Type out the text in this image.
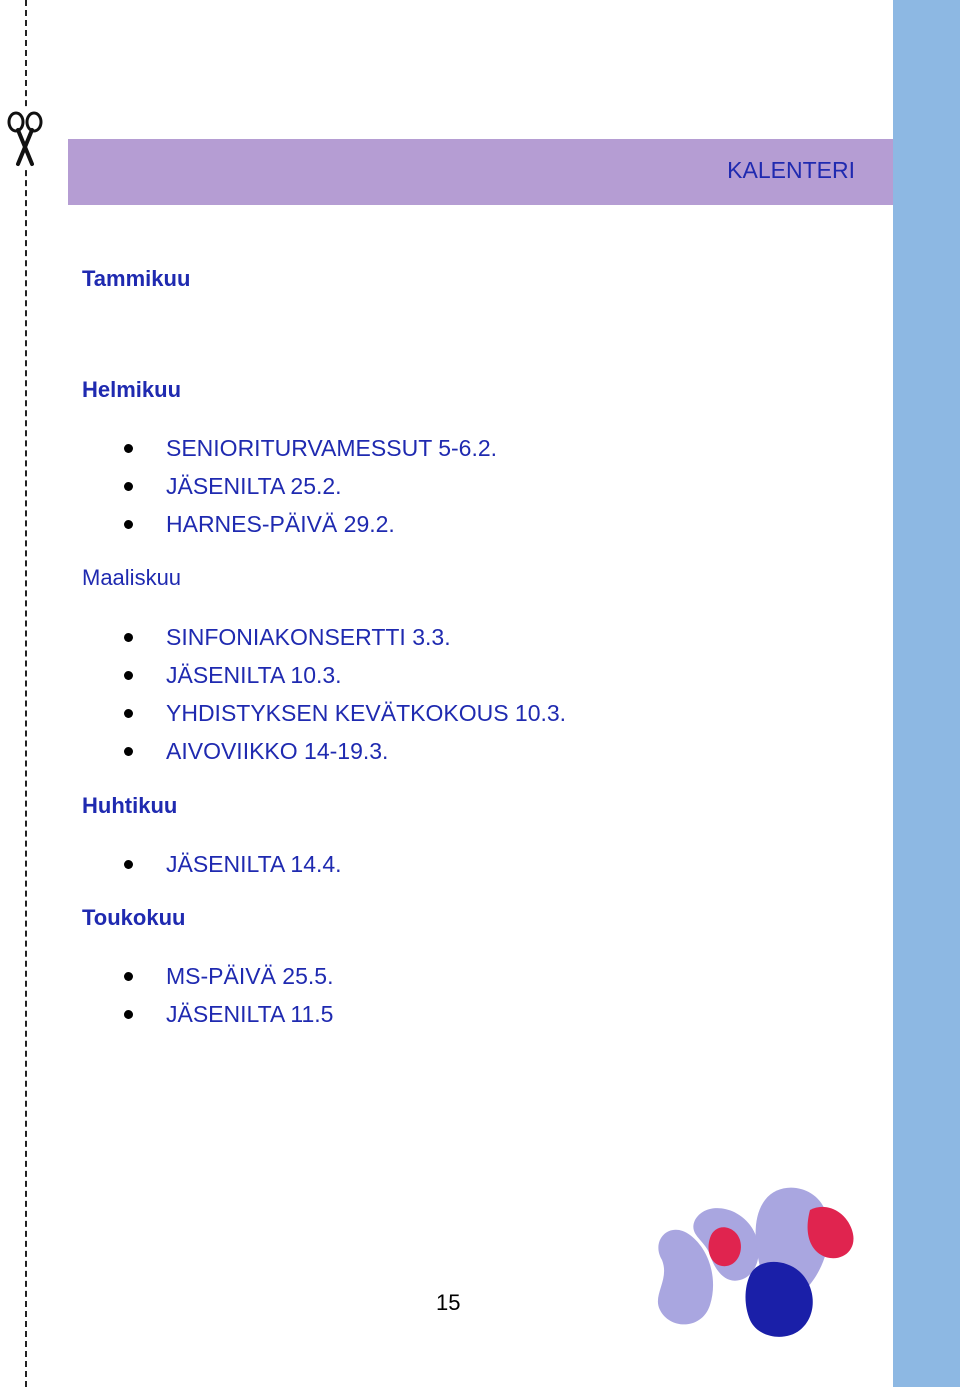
KALENTERI
Tammikuu
Helmikuu
SENIORITURVAMESSUT 5-6.2.
JÄSENILTA 25.2.
HARNES-PÄIVÄ 29.2.
Maaliskuu
SINFONIAKONSERTTI 3.3.
JÄSENILTA 10.3.
YHDISTYKSEN KEVÄTKOKOUS 10.3.
AIVOVIIKKO 14-19.3.
Huhtikuu
JÄSENILTA 14.4.
Toukokuu
MS-PÄIVÄ 25.5.
JÄSENILTA 11.5
15
